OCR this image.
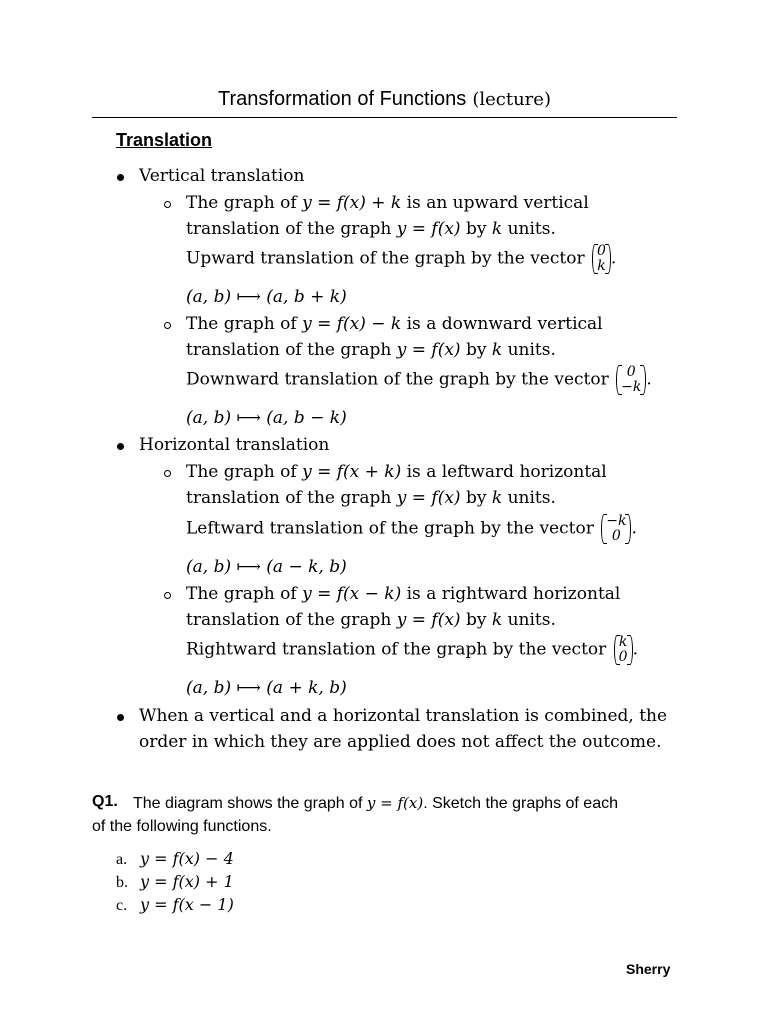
Transformation of Functions (lecture)
Translation
Vertical translation
The graph of y = f(x) + k is an upward vertical
translation of the graph y = f(x) by k units.
Upward translation of the graph by the vector 0
k .
(a, b) ⟼ (a, b + k)
The graph of y = f(x) − k is a downward vertical
translation of the graph y = f(x) by k units.
Downward translation of the graph by the vector	0
−k .
(a, b) ⟼ (a, b − k)
Horizontal translation
The graph of y = f(x + k) is a leftward horizontal
translation of the graph y = f(x) by k units.
Leftward translation of the graph by the vector −k
0 .
(a, b) ⟼ (a − k, b)
The graph of y = f(x − k) is a rightward horizontal
translation of the graph y = f(x) by k units.
Rightward translation of the graph by the vector k
0 .
(a, b) ⟼ (a + k, b)
When a vertical and a horizontal translation is combined, the
order in which they are applied does not affect the outcome.
Q1. The diagram shows the graph of y = f(x). Sketch the graphs of each
of the following functions.
a. y = f(x) − 4
b. y = f(x) + 1
c. y = f(x − 1)
Sherry
